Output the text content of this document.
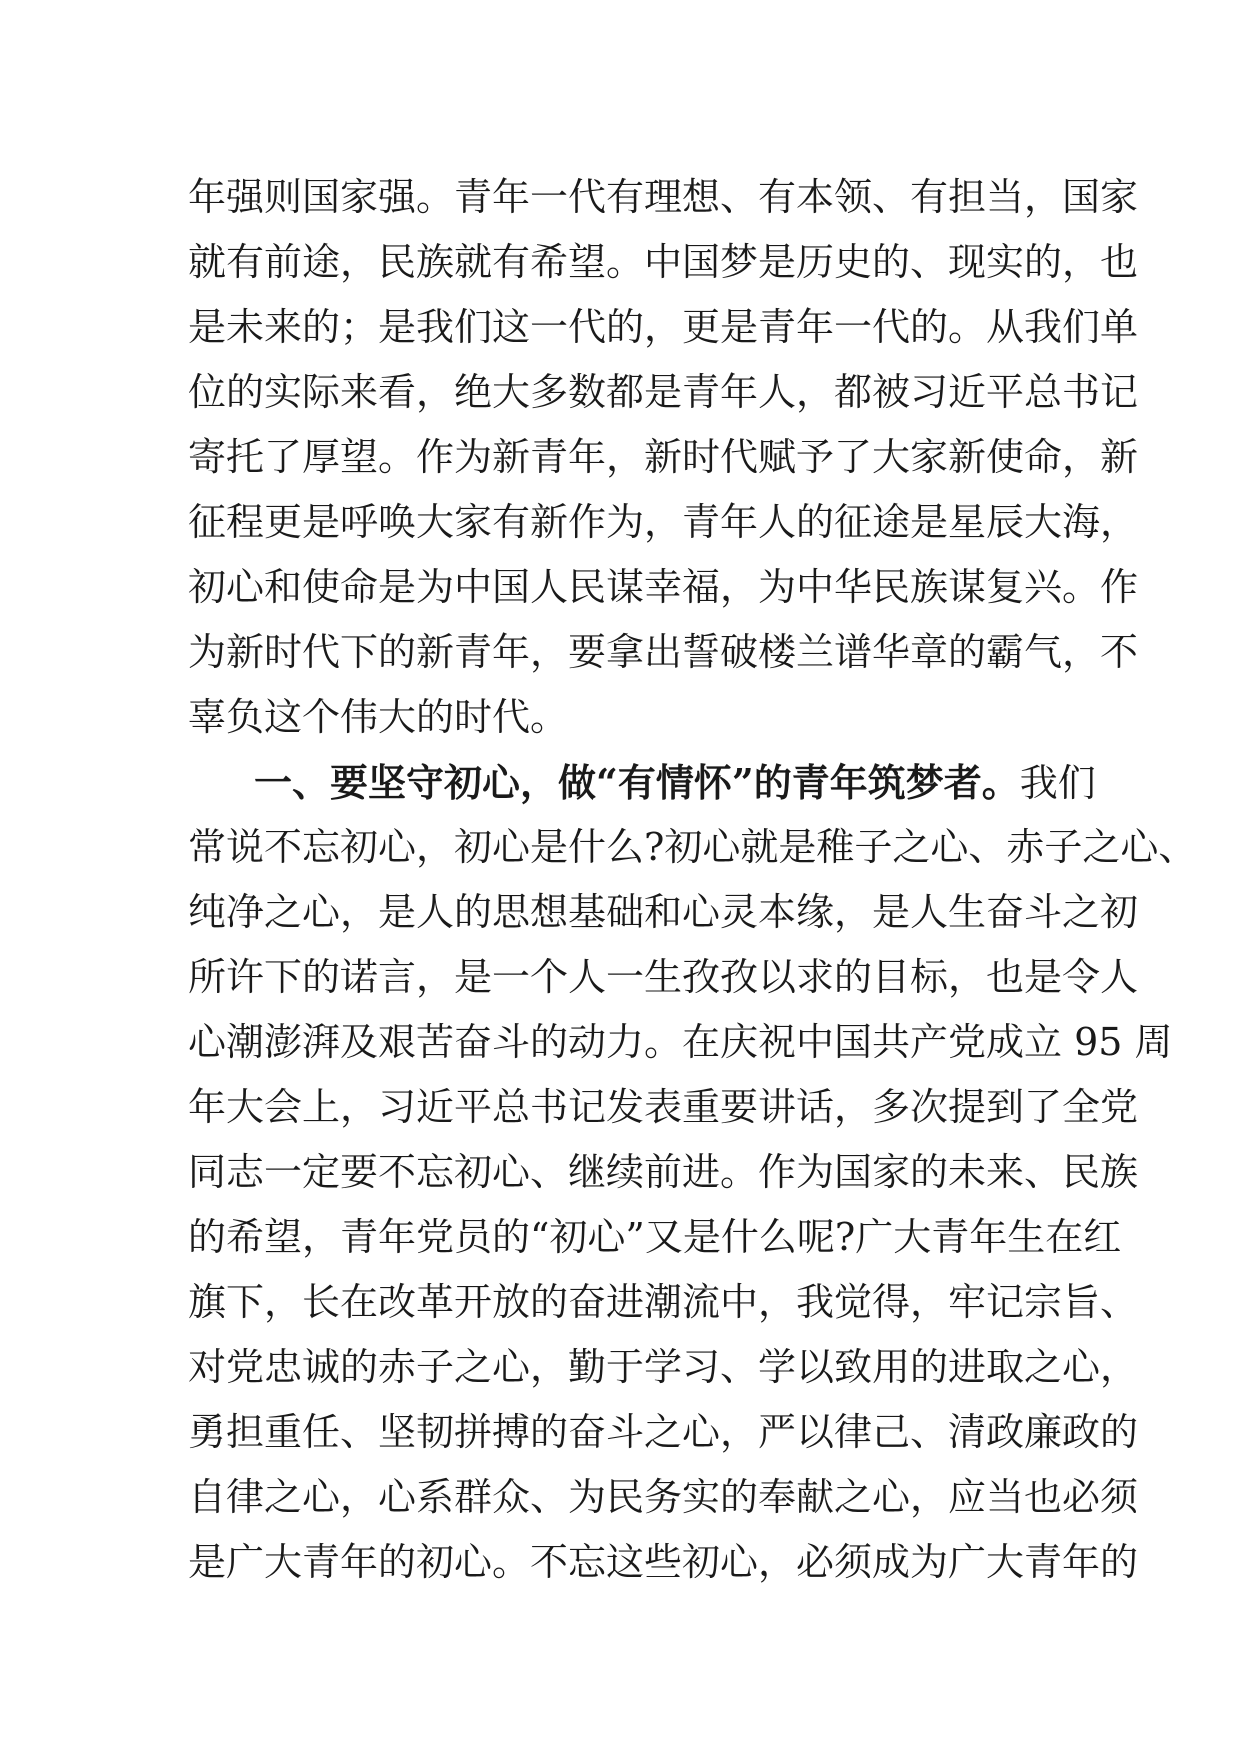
年强则国家强。青年一代有理想、有本领、有担当，国家
就有前途，民族就有希望。中国梦是历史的、现实的，也
是未来的；是我们这一代的，更是青年一代的。从我们单
位的实际来看，绝大多数都是青年人，都被习近平总书记
寄托了厚望。作为新青年，新时代赋予了大家新使命，新
征程更是呼唤大家有新作为，青年人的征途是星辰大海，
初心和使命是为中国人民谋幸福，为中华民族谋复兴。作
为新时代下的新青年，要拿出誓破楼兰谱华章的霸气，不
辜负这个伟大的时代。
一、要坚守初心，做“有情怀”的青年筑梦者。我们
常说不忘初心，初心是什么?初心就是稚子之心、赤子之心、
纯净之心，是人的思想基础和心灵本缘，是人生奋斗之初
所许下的诺言，是一个人一生孜孜以求的目标，也是令人
心潮澎湃及艰苦奋斗的动力。在庆祝中国共产党成立 95 周
年大会上，习近平总书记发表重要讲话，多次提到了全党
同志一定要不忘初心、继续前进。作为国家的未来、民族
的希望，青年党员的“初心”又是什么呢?广大青年生在红
旗下，长在改革开放的奋进潮流中，我觉得，牢记宗旨、
对党忠诚的赤子之心，勤于学习、学以致用的进取之心，
勇担重任、坚韧拼搏的奋斗之心，严以律己、清政廉政的
自律之心，心系群众、为民务实的奉献之心，应当也必须
是广大青年的初心。不忘这些初心，必须成为广大青年的
